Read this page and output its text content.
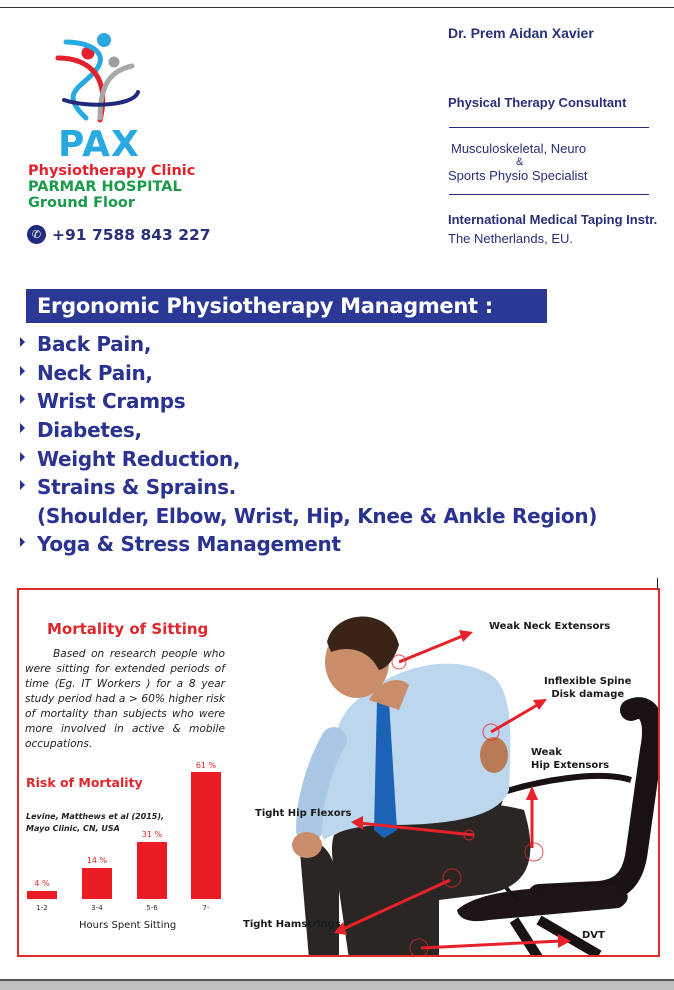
PAX
Physiotherapy Clinic
PARMAR HOSPITAL
Ground Floor
✆ +91 7588 843 227
Dr. Prem Aidan Xavier
Physical Therapy Consultant
Musculoskeletal, Neuro
&
Sports Physio Specialist
International Medical Taping Instr.
The Netherlands, EU.
Ergonomic Physiotherapy Managment :
Back Pain,
Neck Pain,
Wrist Cramps
Diabetes,
Weight Reduction,
Strains & Sprains.
(Shoulder, Elbow, Wrist, Hip, Knee & Ankle Region)
Yoga & Stress Management
Mortality of Sitting
Based on research people who were sitting for extended periods of time (Eg. IT Workers ) for a 8 year study period had a > 60% higher risk of mortality than subjects who were more involved in active & mobile occupations.
Risk of Mortality
Levine, Matthews et al (2015),
Mayo Clinic, CN, USA
4 %
14 %
31 %
61 %
1-2	3-4	5-6	7-
Hours Spent Sitting
Weak Neck Extensors
Inflexible Spine
Disk damage
Weak
Hip Extensors
Tight Hip Flexors
Tight Hamstrings
DVT
